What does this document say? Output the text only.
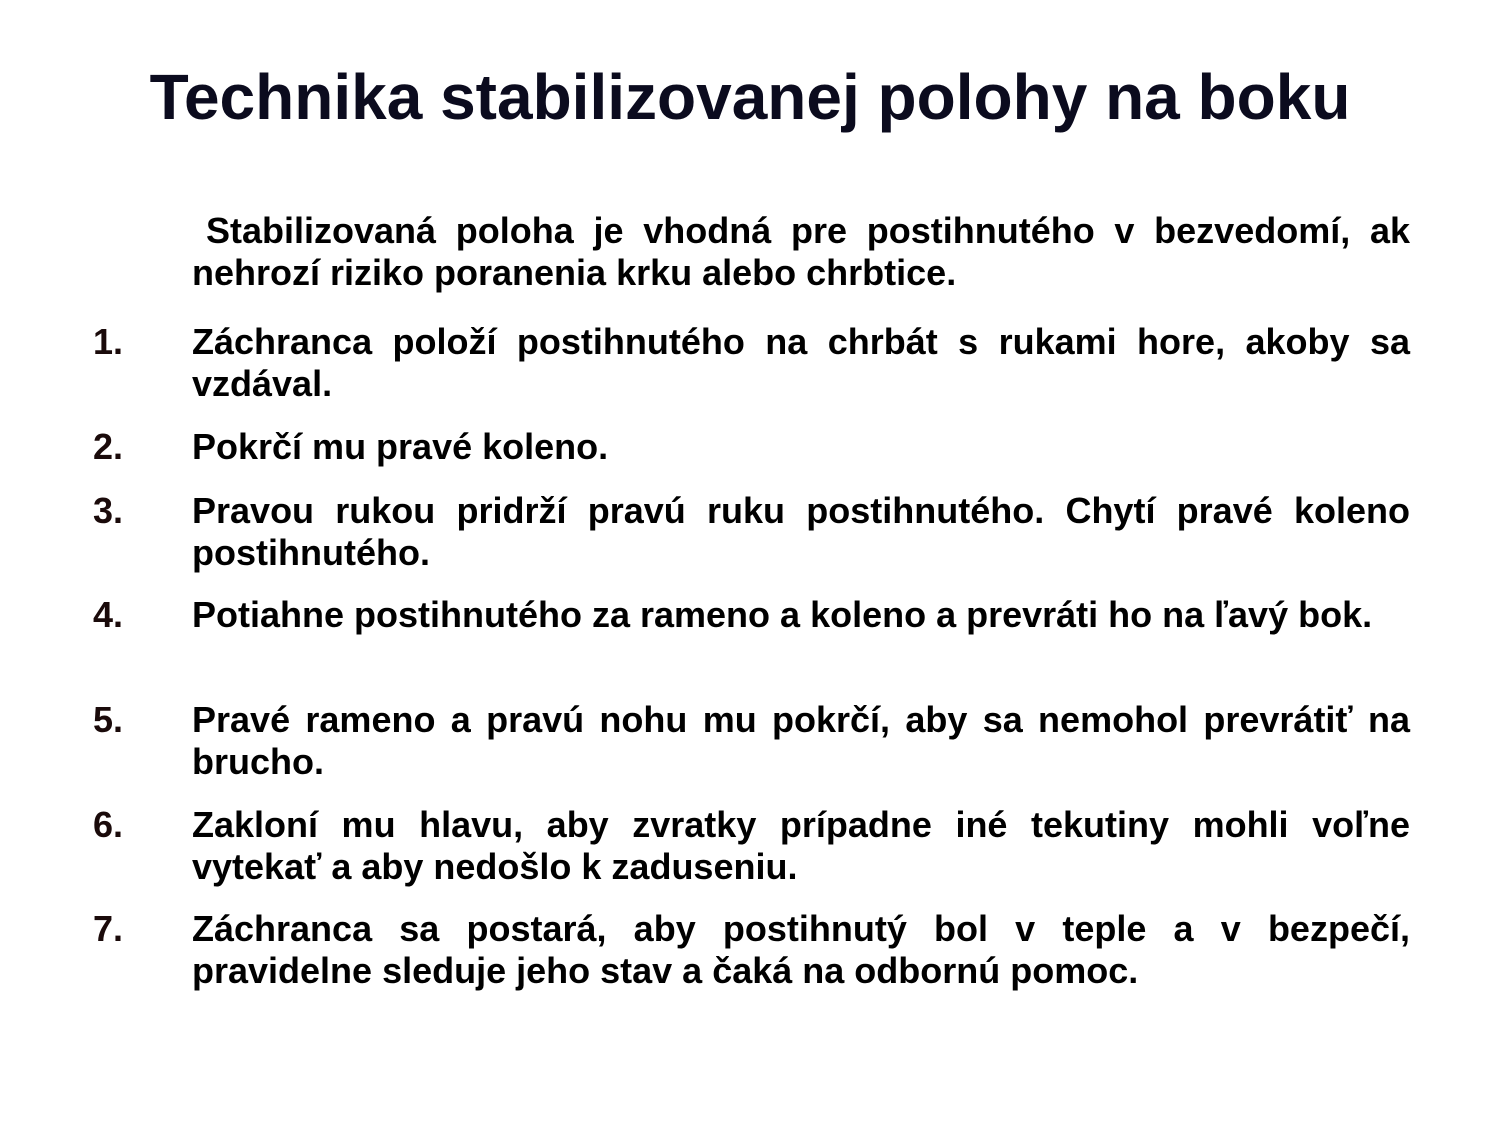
Technika stabilizovanej polohy na boku

Stabilizovaná poloha je vhodná pre postihnutého v bezvedomí, ak nehrozí riziko poranenia krku alebo chrbtice.

1. Záchranca položí postihnutého na chrbát s rukami hore, akoby sa vzdával.

2. Pokrčí mu pravé koleno.

3. Pravou rukou pridrží pravú ruku postihnutého. Chytí pravé koleno postihnutého.

4. Potiahne postihnutého za rameno a koleno a prevráti ho na ľavý bok.

5. Pravé rameno a pravú nohu mu pokrčí, aby sa nemohol prevrátiť na brucho.

6. Zakloní mu hlavu, aby zvratky prípadne iné tekutiny mohli voľne vytekať a aby nedošlo k zaduseniu.

7. Záchranca sa postará, aby postihnutý bol v teple a v bezpečí, pravidelne sleduje jeho stav a čaká na odbornú pomoc.
